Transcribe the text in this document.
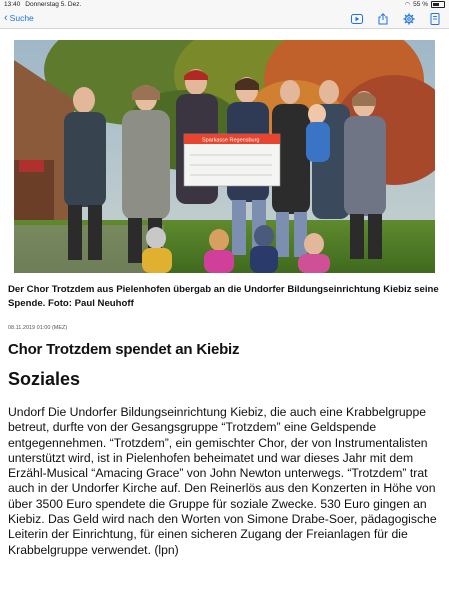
13:40 Donnerstag 5. Dez.	◠ 55 %
‹ Suche
Sparkasse Regensburg
Der Chor Trotzdem aus Pielenhofen übergab an die Undorfer Bildungseinrichtung Kiebiz seine Spende. Foto: Paul Neuhoff
08.11.2019 01:00 (MEZ)
Chor Trotzdem spendet an Kiebiz
Soziales
Undorf Die Undorfer Bildungseinrichtung Kiebiz, die auch eine Krabbelgruppe betreut, durfte von der Gesangsgruppe “Trotzdem” eine Geldspende entgegennehmen. “Trotzdem”, ein gemischter Chor, der von Instrumentalisten unterstützt wird, ist in Pielenhofen beheimatet und war dieses Jahr mit dem Erzähl-Musical “Amacing Grace” von John Newton unterwegs. “Trotzdem” trat auch in der Undorfer Kirche auf. Den Reinerlös aus den Konzerten in Höhe von über 3500 Euro spendete die Gruppe für soziale Zwecke. 530 Euro gingen an Kiebiz. Das Geld wird nach den Worten von Simone Drabe-Soer, pädagogische Leiterin der Einrichtung, für einen sicheren Zugang der Freianlagen für die Krabbelgruppe verwendet. (lpn)
